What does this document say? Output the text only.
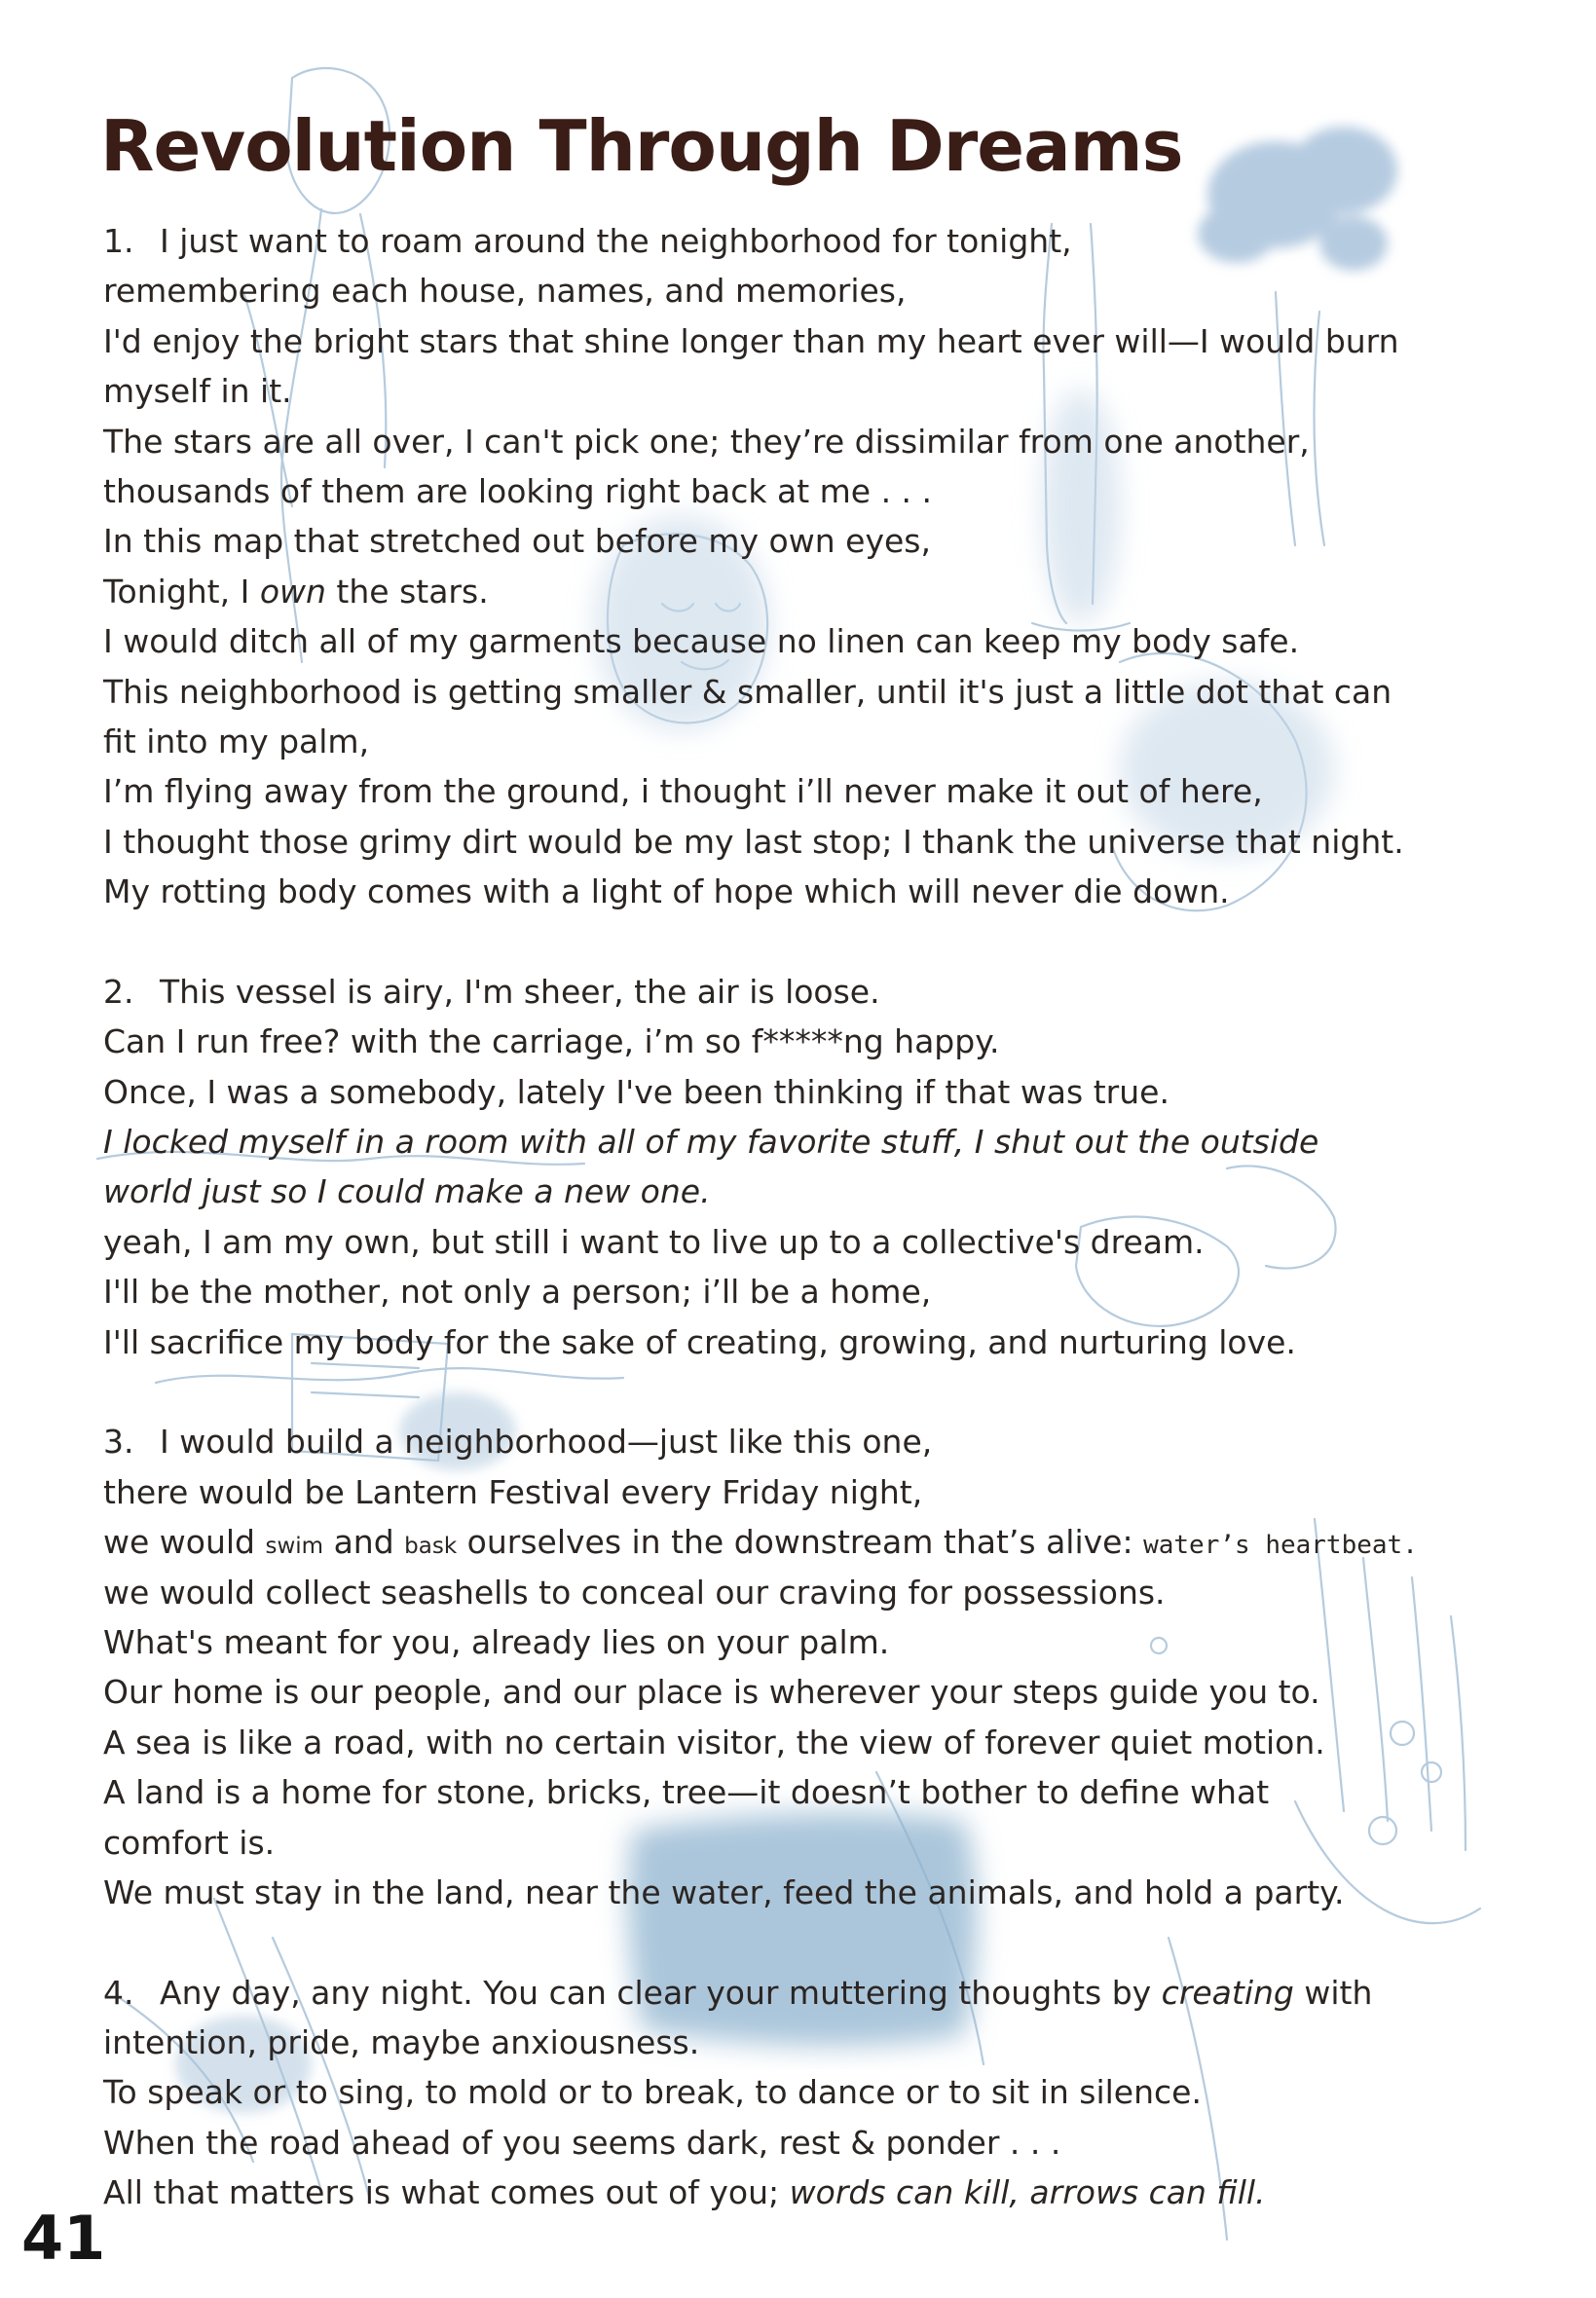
Revolution Through Dreams
1. I just want to roam around the neighborhood for tonight,
remembering each house, names, and memories,
I'd enjoy the bright stars that shine longer than my heart ever will—I would burn
myself in it.
The stars are all over, I can't pick one; they’re dissimilar from one another,
thousands of them are looking right back at me . . .
In this map that stretched out before my own eyes,
Tonight, I own the stars.
I would ditch all of my garments because no linen can keep my body safe.
This neighborhood is getting smaller & smaller, until it's just a little dot that can
fit into my palm,
I’m flying away from the ground, i thought i’ll never make it out of here,
I thought those grimy dirt would be my last stop; I thank the universe that night.
My rotting body comes with a light of hope which will never die down.
2. This vessel is airy, I'm sheer, the air is loose.
Can I run free? with the carriage, i’m so f*****ng happy.
Once, I was a somebody, lately I've been thinking if that was true.
I locked myself in a room with all of my favorite stuff, I shut out the outside
world just so I could make a new one.
yeah, I am my own, but still i want to live up to a collective's dream.
I'll be the mother, not only a person; i’ll be a home,
I'll sacrifice my body for the sake of creating, growing, and nurturing love.
3. I would build a neighborhood—just like this one,
there would be Lantern Festival every Friday night,
we would swim and bask ourselves in the downstream that’s alive: water’s heartbeat.
we would collect seashells to conceal our craving for possessions.
What's meant for you, already lies on your palm.
Our home is our people, and our place is wherever your steps guide you to.
A sea is like a road, with no certain visitor, the view of forever quiet motion.
A land is a home for stone, bricks, tree—it doesn’t bother to define what
comfort is.
We must stay in the land, near the water, feed the animals, and hold a party.
4. Any day, any night. You can clear your muttering thoughts by creating with
intention, pride, maybe anxiousness.
To speak or to sing, to mold or to break, to dance or to sit in silence.
When the road ahead of you seems dark, rest & ponder . . .
All that matters is what comes out of you; words can kill, arrows can fill.
41
